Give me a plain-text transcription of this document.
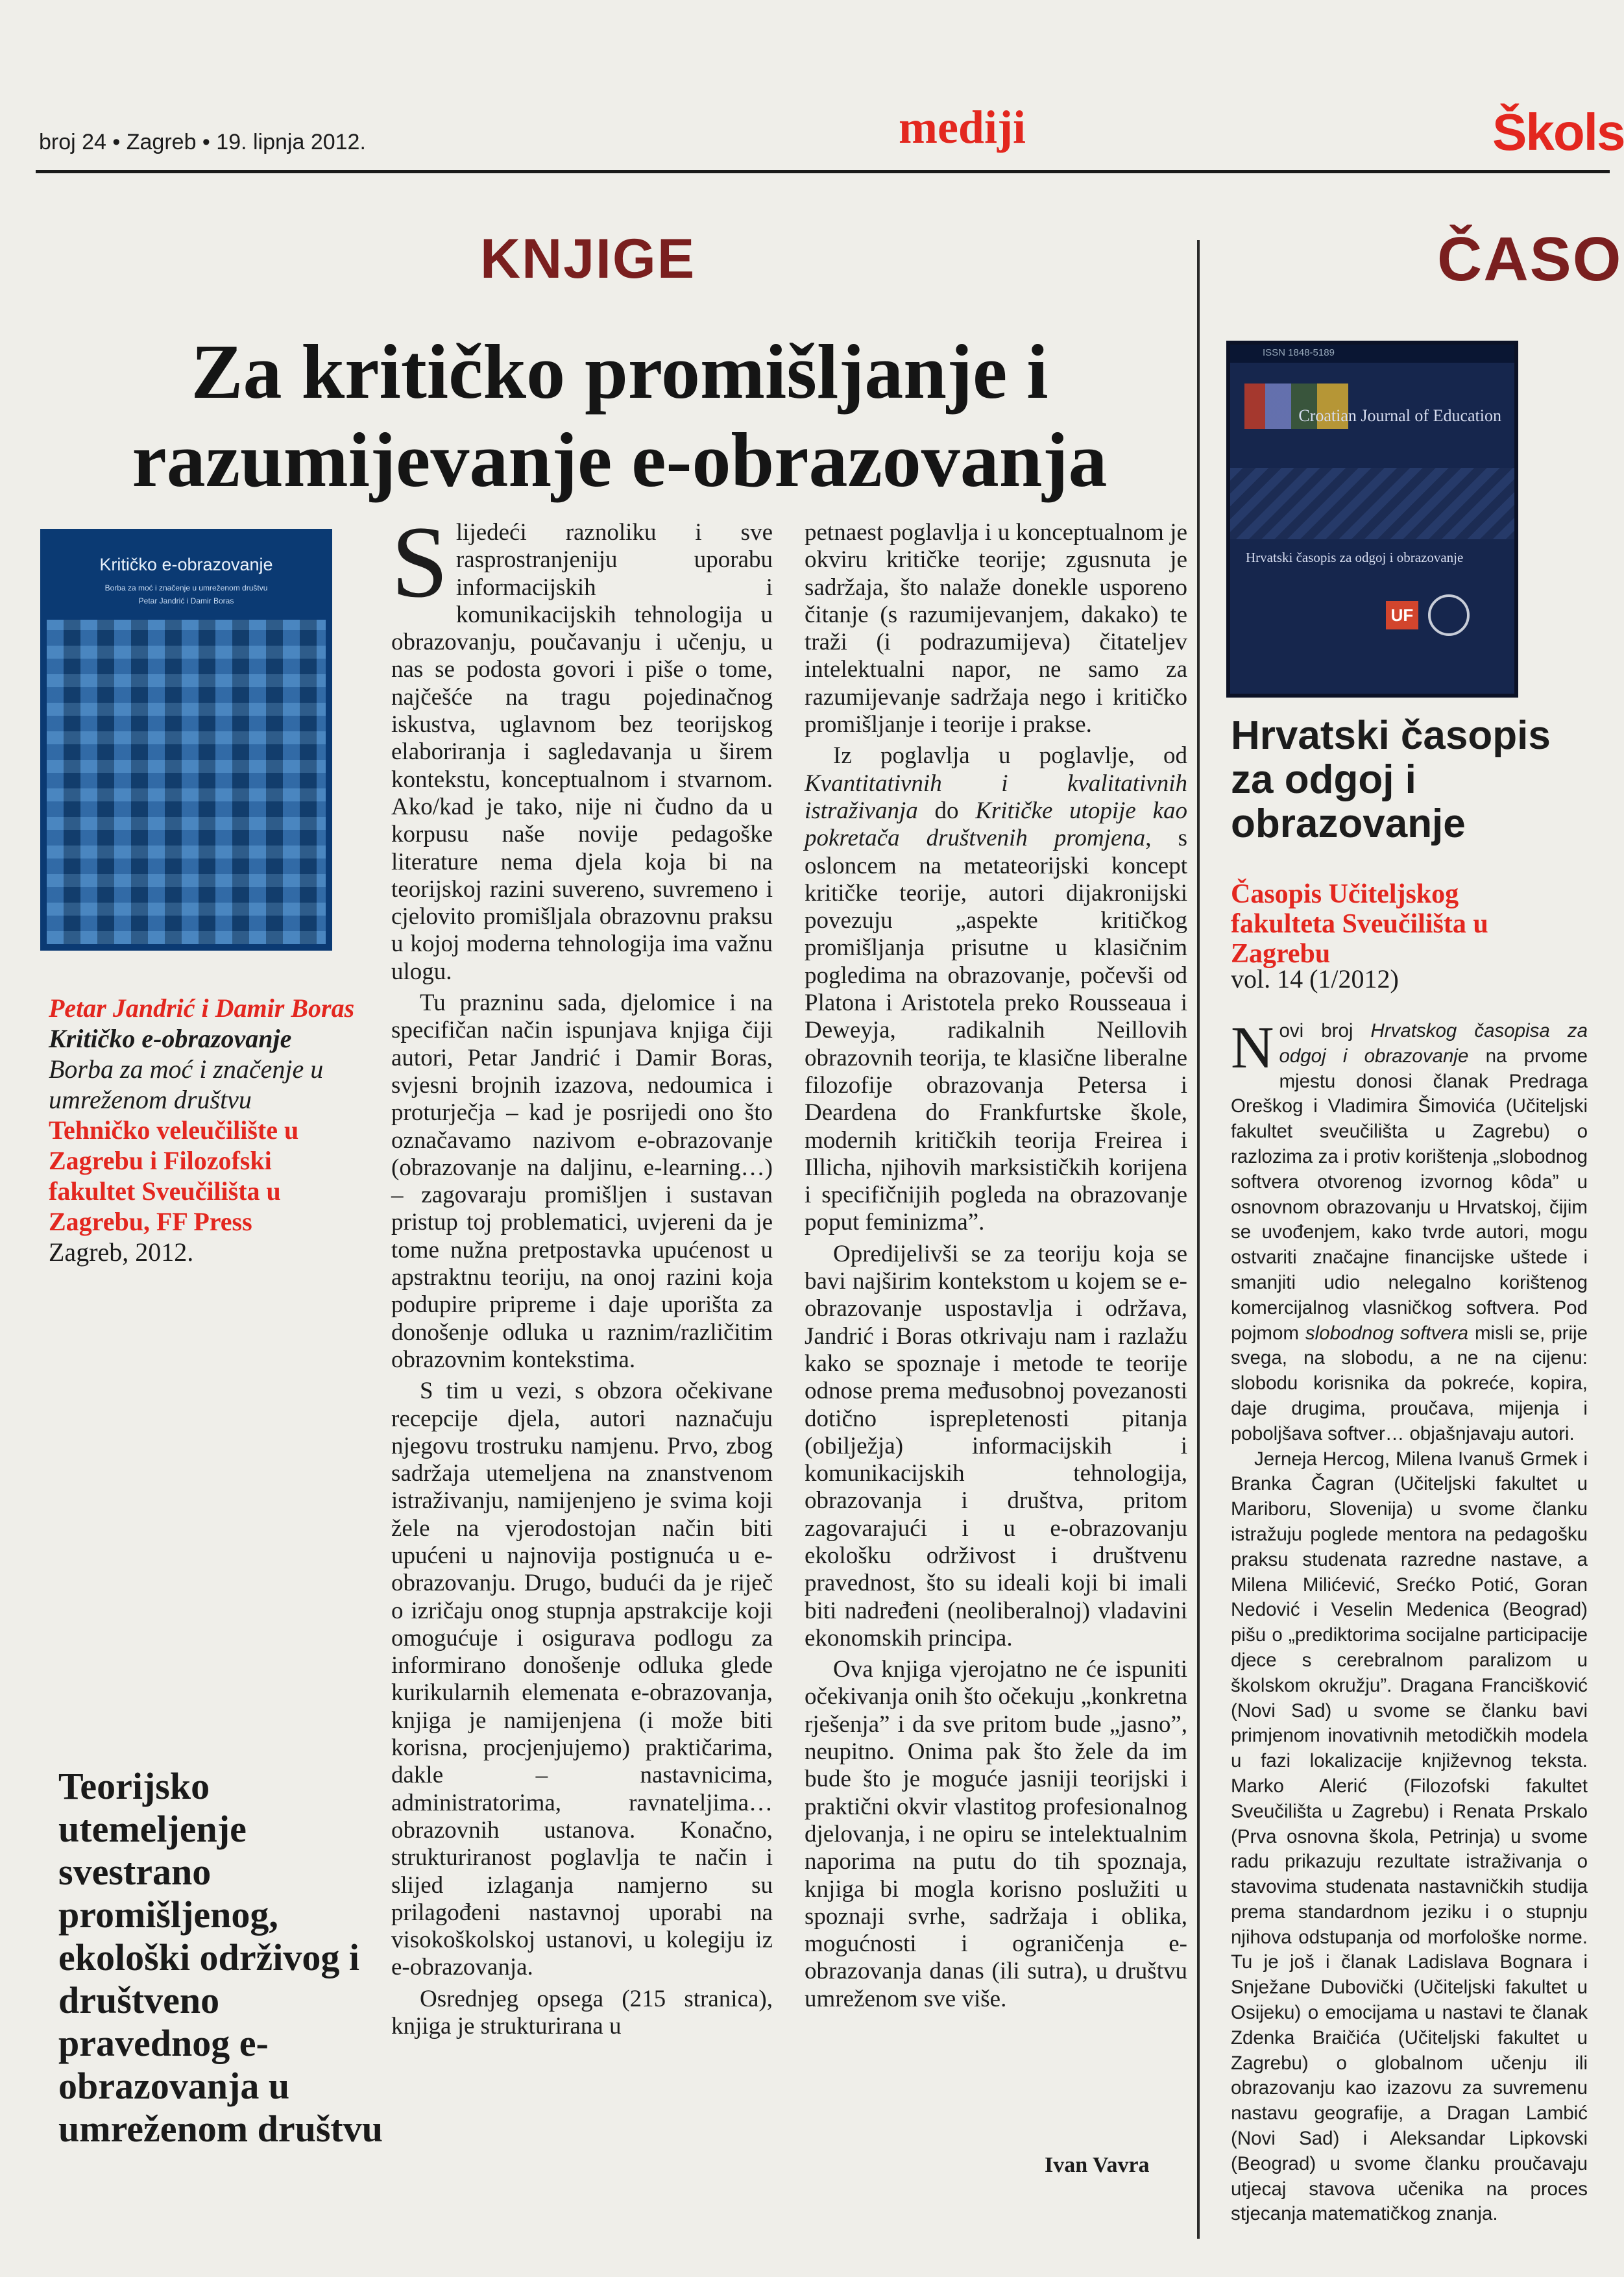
broj 24 • Zagreb • 19. lipnja 2012.	mediji	Škols
KNJIGE
Za kritičko promišljanje i razumijevanje e-obrazovanja
Kritičko e-obrazovanje
Borba za moć i značenje u umreženom društvu
Petar Jandrić i Damir Boras
Petar Jandrić i Damir Boras
Kritičko e-obrazovanje
Borba za moć i značenje u umreženom društvu
Tehničko veleučilište u Zagrebu i Filozofski fakultet Sveučilišta u Zagrebu, FF Press
Zagreb, 2012.
Teorijsko utemeljenje svestrano promišljenog, ekološki održivog i društveno pravednog e-obrazovanja u umreženom društvu

Slijedeći raznoliku i sve rasprostranjeniju uporabu informacijskih i komunikacijskih tehnologija u obrazovanju, poučavanju i učenju, u nas se podosta govori i piše o tome, najčešće na tragu pojedinačnog iskustva, uglavnom bez teorijskog elaboriranja i sagledavanja u širem kontekstu, konceptualnom i stvarnom. Ako/kad je tako, nije ni čudno da u korpusu naše novije pedagoške literature nema djela koja bi na teorijskoj razini suvereno, suvremeno i cjelovito promišljala obrazovnu praksu u kojoj moderna tehnologija ima važnu ulogu.

Tu prazninu sada, djelomice i na specifičan način ispunjava knjiga čiji autori, Petar Jandrić i Damir Boras, svjesni brojnih izazova, nedoumica i proturječja – kad je posrijedi ono što označavamo nazivom e-obrazovanje (obrazovanje na daljinu, e-learning…) – zagovaraju promišljen i sustavan pristup toj problematici, uvjereni da je tome nužna pretpostavka upućenost u apstraktnu teoriju, na onoj razini koja podupire pripreme i daje uporišta za donošenje odluka u raznim/različitim obrazovnim kontekstima.

S tim u vezi, s obzora očekivane recepcije djela, autori naznačuju njegovu trostruku namjenu. Prvo, zbog sadržaja utemeljena na znanstvenom istraživanju, namijenjeno je svima koji žele na vjerodostojan način biti upućeni u najnovija postignuća u e-obrazovanju. Drugo, budući da je riječ o izričaju onog stupnja apstrakcije koji omogućuje i osigurava podlogu za informirano donošenje odluka glede kurikularnih elemenata e-obrazovanja, knjiga je namijenjena (i može biti korisna, procjenjujemo) praktičarima, dakle – nastavnicima, administratorima, ravnateljima… obrazovnih ustanova. Konačno, strukturiranost poglavlja te način i slijed izlaganja namjerno su prilagođeni nastavnoj uporabi na visokoškolskoj ustanovi, u kolegiju iz e-obrazovanja.

Osrednjeg opsega (215 stranica), knjiga je strukturirana u

petnaest poglavlja i u konceptualnom je okviru kritičke teorije; zgusnuta je sadržaja, što nalaže donekle usporeno čitanje (s razumijevanjem, dakako) te traži (i podrazumijeva) čitateljev intelektualni napor, ne samo za razumijevanje sadržaja nego i kritičko promišljanje i teorije i prakse.

Iz poglavlja u poglavlje, od Kvantitativnih i kvalitativnih istraživanja do Kritičke utopije kao pokretača društvenih promjena, s osloncem na metateorijski koncept kritičke teorije, autori dijakronijski povezuju „aspekte kritičkog promišljanja prisutne u klasičnim pogledima na obrazovanje, počevši od Platona i Aristotela preko Rousseaua i Deweyja, radikalnih Neillovih obrazovnih teorija, te klasične liberalne filozofije obrazovanja Petersa i Deardena do Frankfurtske škole, modernih kritičkih teorija Freirea i Illicha, njihovih marksističkih korijena i specifičnijih pogleda na obrazovanje poput feminizma”.

Opredijelivši se za teoriju koja se bavi najširim kontekstom u kojem se e-obrazovanje uspostavlja i održava, Jandrić i Boras otkrivaju nam i razlažu kako se spoznaje i metode te teorije odnose prema međusobnoj povezanosti dotično isprepletenosti pitanja (obilježja) informacijskih i komunikacijskih tehnologija, obrazovanja i društva, pritom zagovarajući i u e-obrazovanju ekološku održivost i društvenu pravednost, što su ideali koji bi imali biti nadređeni (neoliberalnoj) vladavini ekonomskih principa.

Ova knjiga vjerojatno ne će ispuniti očekivanja onih što očekuju „konkretna rješenja” i da sve pritom bude „jasno”, neupitno. Onima pak što žele da im bude što je moguće jasniji teorijski i praktični okvir vlastitog profesionalnog djelovanja, i ne opiru se intelektualnim naporima na putu do tih spoznaja, knjiga bi mogla korisno poslužiti u spoznaji svrhe, sadržaja i oblika, mogućnosti i ograničenja e-obrazovanja danas (ili sutra), u društvu umreženom sve više.

Ivan Vavra
ČASO
ISSN 1848-5189
Croatian Journal of Education
Hrvatski časopis za odgoj i obrazovanje
UF
Hrvatski časopis za odgoj i obrazovanje
Časopis Učiteljskog fakulteta Sveučilišta u Zagrebu
vol. 14 (1/2012)

Novi broj Hrvatskog časopisa za odgoj i obrazovanje na prvome mjestu donosi članak Predraga Oreškog i Vladimira Šimovića (Učiteljski fakultet sveučilišta u Zagrebu) o razlozima za i protiv korištenja „slobodnog softvera otvorenog izvornog kôda” u osnovnom obrazovanju u Hrvatskoj, čijim se uvođenjem, kako tvrde autori, mogu ostvariti značajne financijske uštede i smanjiti udio nelegalno korištenog komercijalnog vlasničkog softvera. Pod pojmom slobodnog softvera misli se, prije svega, na slobodu, a ne na cijenu: slobodu korisnika da pokreće, kopira, daje drugima, proučava, mijenja i poboljšava softver… objašnjavaju autori.

Jerneja Hercog, Milena Ivanuš Grmek i Branka Čagran (Učiteljski fakultet u Mariboru, Slovenija) u svome članku istražuju poglede mentora na pedagošku praksu studenata razredne nastave, a Milena Milićević, Srećko Potić, Goran Nedović i Veselin Medenica (Beograd) pišu o „prediktorima socijalne participacije djece s cerebralnom paralizom u školskom okružju”. Dragana Francišković (Novi Sad) u svome se članku bavi primjenom inovativnih metodičkih modela u fazi lokalizacije književnog teksta. Marko Alerić (Filozofski fakultet Sveučilišta u Zagrebu) i Renata Prskalo (Prva osnovna škola, Petrinja) u svome radu prikazuju rezultate istraživanja o stavovima studenata nastavničkih studija prema standardnom jeziku i o stupnju njihova odstupanja od morfološke norme. Tu je još i članak Ladislava Bognara i Snježane Dubovički (Učiteljski fakultet u Osijeku) o emocijama u nastavi te članak Zdenka Braičića (Učiteljski fakultet u Zagrebu) o globalnom učenju ili obrazovanju kao izazovu za suvremenu nastavu geografije, a Dragan Lambić (Novi Sad) i Aleksandar Lipkovski (Beograd) u svome članku proučavaju utjecaj stavova učenika na proces stjecanja matematičkog znanja.
